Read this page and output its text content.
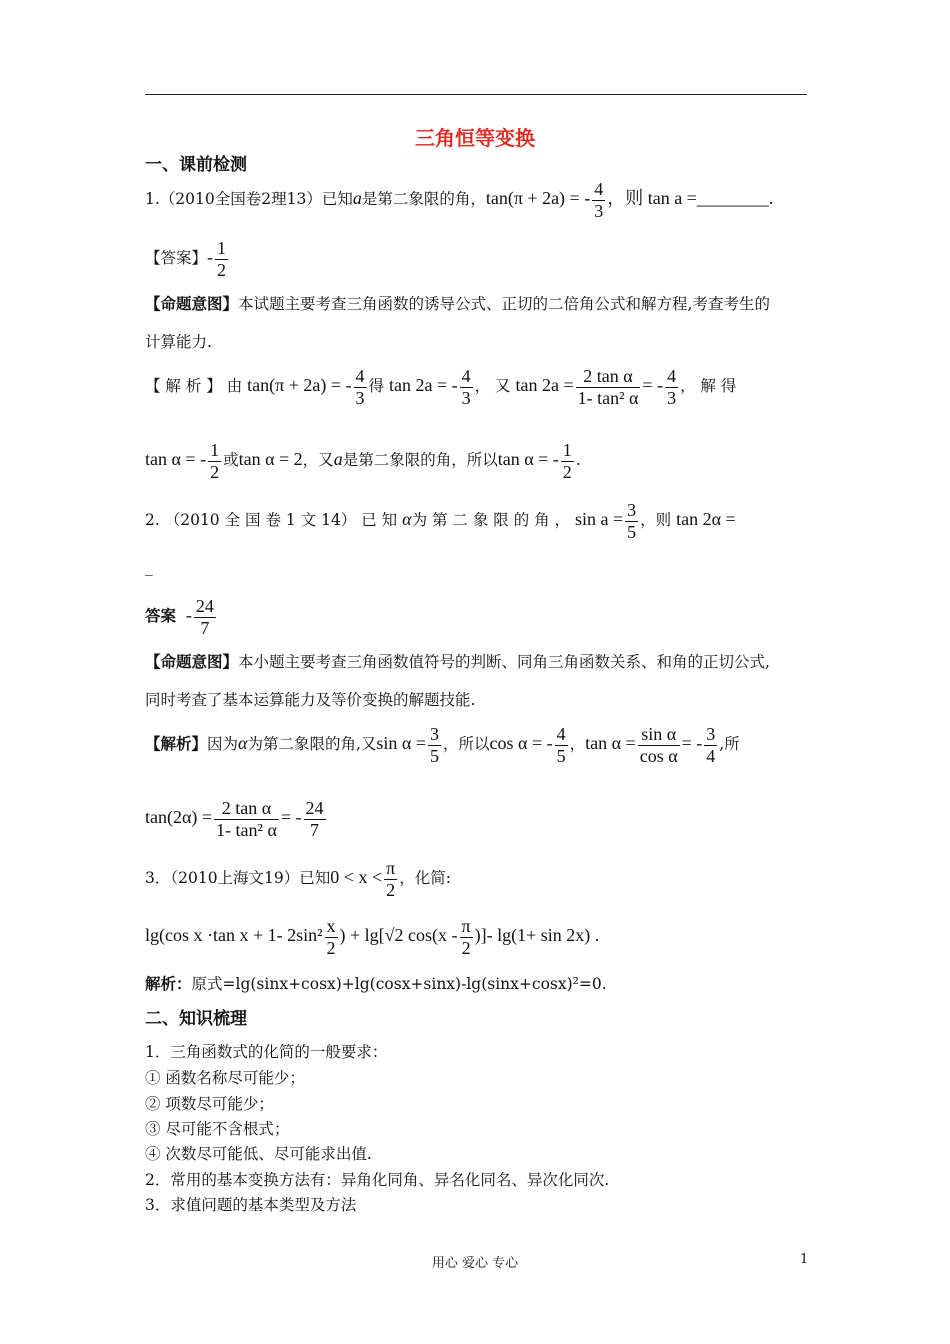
三角恒等变换
一、课前检测
1.（2010全国卷2理13）已知a是第二象限的角，tan(π + 2a) = - $\frac{4}{3}$ ，则 tan a =________.
【答案】- $\frac{1}{2}$
【命题意图】本试题主要考查三角函数的诱导公式、正切的二倍角公式和解方程,考查考生的
计算能力.
【 解 析 】 由 tan(π + 2a) = - $\frac{4}{3}$ 得 tan 2a = - $\frac{4}{3}$ ， 又 $\tan 2a = \frac{\text{2 tan α}}{\text{1- tan² α}}$ = - $\frac{4}{3}$ ， 解 得
tan α = - $\frac{1}{2}$ 或tan α = 2，又a是第二象限的角，所以tan α = - $\frac{1}{2}$ .
2. （2010 全 国 卷 1 文 14） 已 知 α为 第 二 象 限 的 角 ， $\sin a = \frac{3}{5}$ ，则 tan 2α =
_
答案 - $\frac{24}{7}$
【命题意图】本小题主要考查三角函数值符号的判断、同角三角函数关系、和角的正切公式,
同时考查了基本运算能力及等价变换的解题技能.
【解析】因为α为第二象限的角,又$\sin \alpha = \frac{3}{5}$ ，所以cos α = - $\frac{4}{5}$ ，$\tan \alpha = \frac{\text{sin α}}{\text{cos α}}$ = - $\frac{3}{4}$ ,所
$\tan(2\alpha) = \frac{\text{2 tan α}}{\text{1- tan² α}}$ = - $\frac{24}{7}$
3．（2010上海文19）已知$0 < x < \frac{\pi}{2}$ ，化简:
lg(cos x ·tan x + 1- $2\sin^2 \frac{x}{2}$ ) + lg[√2 $\cos(x - \frac{\pi}{2}$ )]- lg(1+ sin 2x) .
解析：原式=lg(sinx+cosx)+lg(cosx+sinx)-lg(sinx+cosx)²=0.
二、知识梳理
1．三角函数式的化简的一般要求：
① 函数名称尽可能少；
② 项数尽可能少；
③ 尽可能不含根式；
④ 次数尽可能低、尽可能求出值.
2．常用的基本变换方法有：异角化同角、异名化同名、异次化同次.
3．求值问题的基本类型及方法
用心 爱心 专心	1
